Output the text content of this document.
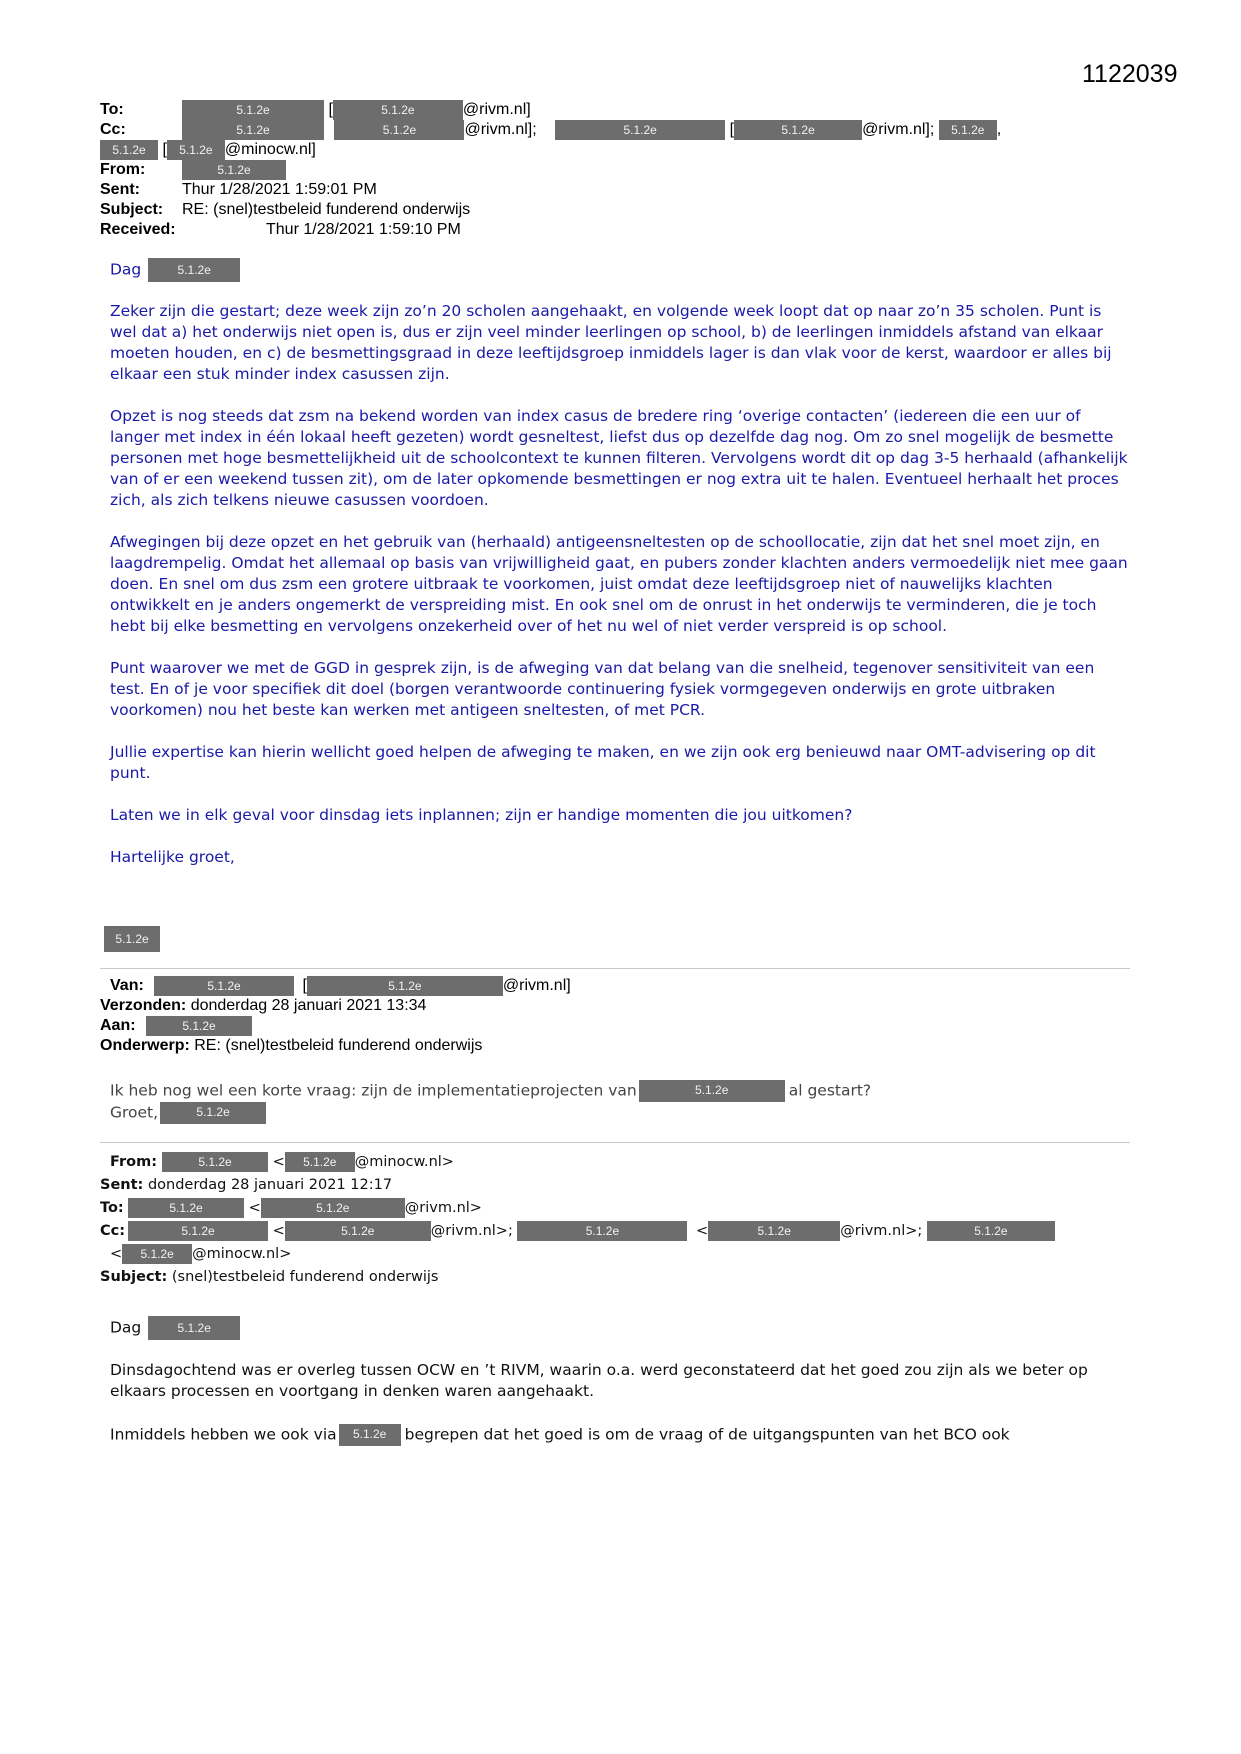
1122039
To:	5.1.2e	[	5.1.2e	@rivm.nl]
Cc:	5.1.2e	5.1.2e	@rivm.nl];	5.1.2e	[	5.1.2e	@rivm.nl]; 5.1.2e ,
5.1.2e [ 5.1.2e @minocw.nl]
From:	5.1.2e
Sent:	Thur 1/28/2021 1:59:01 PM
Subject: RE: (snel)testbeleid funderend onderwijs
Received:	Thur 1/28/2021 1:59:10 PM
Dag	5.1.2e

Zeker zijn die gestart; deze week zijn zo’n 20 scholen aangehaakt, en volgende week loopt dat op naar zo’n 35 scholen. Punt is wel dat a) het onderwijs niet open is, dus er zijn veel minder leerlingen op school, b) de leerlingen inmiddels afstand van elkaar moeten houden, en c) de besmettingsgraad in deze leeftijdsgroep inmiddels lager is dan vlak voor de kerst, waardoor er alles bij elkaar een stuk minder index casussen zijn.

Opzet is nog steeds dat zsm na bekend worden van index casus de bredere ring ‘overige contacten’ (iedereen die een uur of langer met index in één lokaal heeft gezeten) wordt gesneltest, liefst dus op dezelfde dag nog. Om zo snel mogelijk de besmette personen met hoge besmettelijkheid uit de schoolcontext te kunnen filteren. Vervolgens wordt dit op dag 3-5 herhaald (afhankelijk van of er een weekend tussen zit), om de later opkomende besmettingen er nog extra uit te halen. Eventueel herhaalt het proces zich, als zich telkens nieuwe casussen voordoen.

Afwegingen bij deze opzet en het gebruik van (herhaald) antigeensneltesten op de schoollocatie, zijn dat het snel moet zijn, en laagdrempelig. Omdat het allemaal op basis van vrijwilligheid gaat, en pubers zonder klachten anders vermoedelijk niet mee gaan doen. En snel om dus zsm een grotere uitbraak te voorkomen, juist omdat deze leeftijdsgroep niet of nauwelijks klachten ontwikkelt en je anders ongemerkt de verspreiding mist. En ook snel om de onrust in het onderwijs te verminderen, die je toch hebt bij elke besmetting en vervolgens onzekerheid over of het nu wel of niet verder verspreid is op school.

Punt waarover we met de GGD in gesprek zijn, is de afweging van dat belang van die snelheid, tegenover sensitiviteit van een test. En of je voor specifiek dit doel (borgen verantwoorde continuering fysiek vormgegeven onderwijs en grote uitbraken voorkomen) nou het beste kan werken met antigeen sneltesten, of met PCR.

Jullie expertise kan hierin wellicht goed helpen de afweging te maken, en we zijn ook erg benieuwd naar OMT-advisering op dit punt.

Laten we in elk geval voor dinsdag iets inplannen; zijn er handige momenten die jou uitkomen?

Hartelijke groet,

5.1.2e
Van:	5.1.2e	[	5.1.2e	@rivm.nl]
Verzonden: donderdag 28 januari 2021 13:34
Aan:	5.1.2e
Onderwerp: RE: (snel)testbeleid funderend onderwijs
Ik heb nog wel een korte vraag: zijn de implementatieprojecten van	5.1.2e	al gestart?
Groet,	5.1.2e
From:	5.1.2e	< 5.1.2e @minocw.nl>
Sent: donderdag 28 januari 2021 12:17
To:	5.1.2e	<	5.1.2e	@rivm.nl>
Cc:	5.1.2e	<	5.1.2e	@rivm.nl>;	5.1.2e	<	5.1.2e	@rivm.nl>;	5.1.2e
< 5.1.2e @minocw.nl>
Subject: (snel)testbeleid funderend onderwijs
Dag	5.1.2e
Dinsdagochtend was er overleg tussen OCW en ’t RIVM, waarin o.a. werd geconstateerd dat het goed zou zijn als we beter op elkaars processen en voortgang in denken waren aangehaakt.
Inmiddels hebben we ook via 5.1.2e begrepen dat het goed is om de vraag of de uitgangspunten van het BCO ook
